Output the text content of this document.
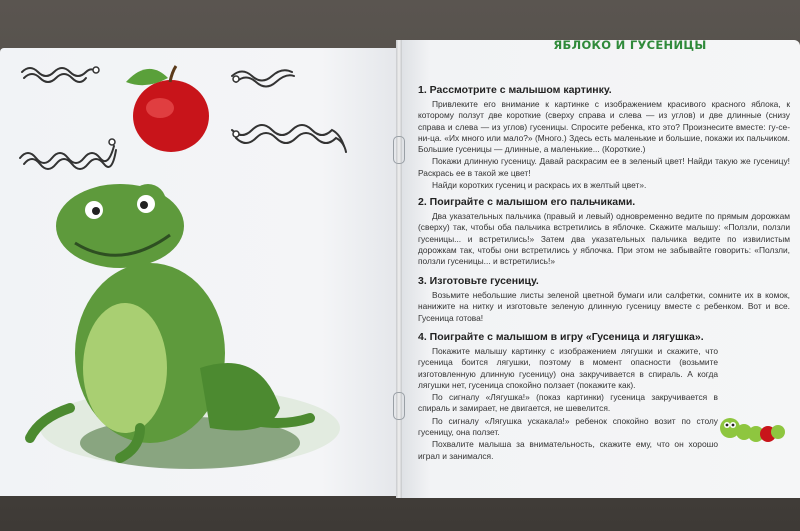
ЯБЛОКО И ГУСЕНИЦЫ
1. Рассмотрите с малышом картинку.
Привлеките его внимание к картинке с изображением красивого красного яблока, к которому ползут две короткие (сверху справа и слева — из углов) и две длинные (снизу справа и слева — из углов) гусеницы. Спросите ребенка, кто это? Произнесите вместе: гу-се-ни-ца. «Их много или мало?» (Много.) Здесь есть маленькие и большие, покажи их пальчиком. Большие гусеницы — длинные, а маленькие... (Короткие.)
Покажи длинную гусеницу. Давай раскрасим ее в зеленый цвет! Найди такую же гусеницу! Раскрась ее в такой же цвет!
Найди коротких гусениц и раскрась их в желтый цвет».
2. Поиграйте с малышом его пальчиками.
Два указательных пальчика (правый и левый) одновременно ведите по прямым дорожкам (сверху) так, чтобы оба пальчика встретились в яблочке. Скажите малышу: «Ползли, ползли гусеницы... и встретились!» Затем два указательных пальчика ведите по извилистым дорожкам так, чтобы они встретились у яблочка. При этом не забывайте говорить: «Ползли, ползли гусеницы... и встретились!»
3. Изготовьте гусеницу.
Возьмите небольшие листы зеленой цветной бумаги или салфетки, сомните их в комок, нанижите на нитку и изготовьте зеленую длинную гусеницу вместе с ребенком. Вот и все. Гусеница готова!
4. Поиграйте с малышом в игру «Гусеница и лягушка».
Покажите малышу картинку с изображением лягушки и скажите, что гусеница боится лягушки, поэтому в момент опасности (возьмите изготовленную длинную гусеницу) она закручивается в спираль. А когда лягушки нет, гусеница спокойно ползает (покажите как).
По сигналу «Лягушка!» (показ картинки) гусеница закручивается в спираль и замирает, не двигается, не шевелится.
По сигналу «Лягушка ускакала!» ребенок спокойно возит по столу гусеницу, она ползет.
Похвалите малыша за внимательность, скажите ему, что он хорошо играл и занимался.
